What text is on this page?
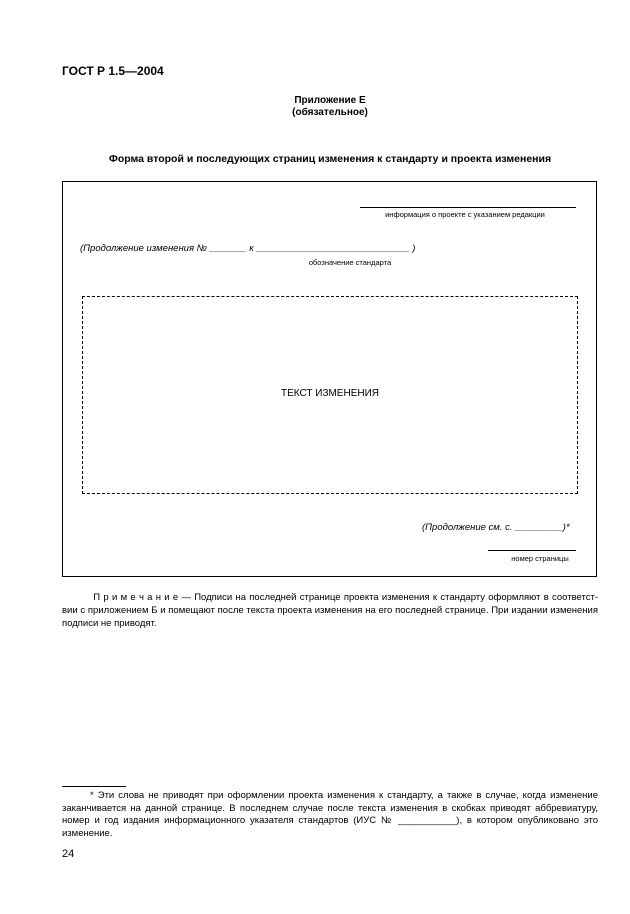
ГОСТ Р 1.5—2004
Приложение Е
(обязательное)
Форма второй и последующих страниц изменения к стандарту и проекта изменения
информация о проекте с указанием редакции
(Продолжение изменения № _______ к _____________________________ )
обозначение стандарта
ТЕКСТ ИЗМЕНЕНИЯ
(Продолжение см. с. _________)*
номер страницы
П р и м е ч а н и е — Подписи на последней странице проекта изменения к стандарту оформляют в соответст-вии с приложением Б и помещают после текста проекта изменения на его последней странице. При издании изменения подписи не приводят.
* Эти слова не приводят при оформлении проекта изменения к стандарту, а также в случае, когда изменение заканчивается на данной странице. В последнем случае после текста изменения в скобках приводят аббревиатуру, номер и год издания информационного указателя стандартов (ИУС № ___________), в котором опубликовано это изменение.
24
